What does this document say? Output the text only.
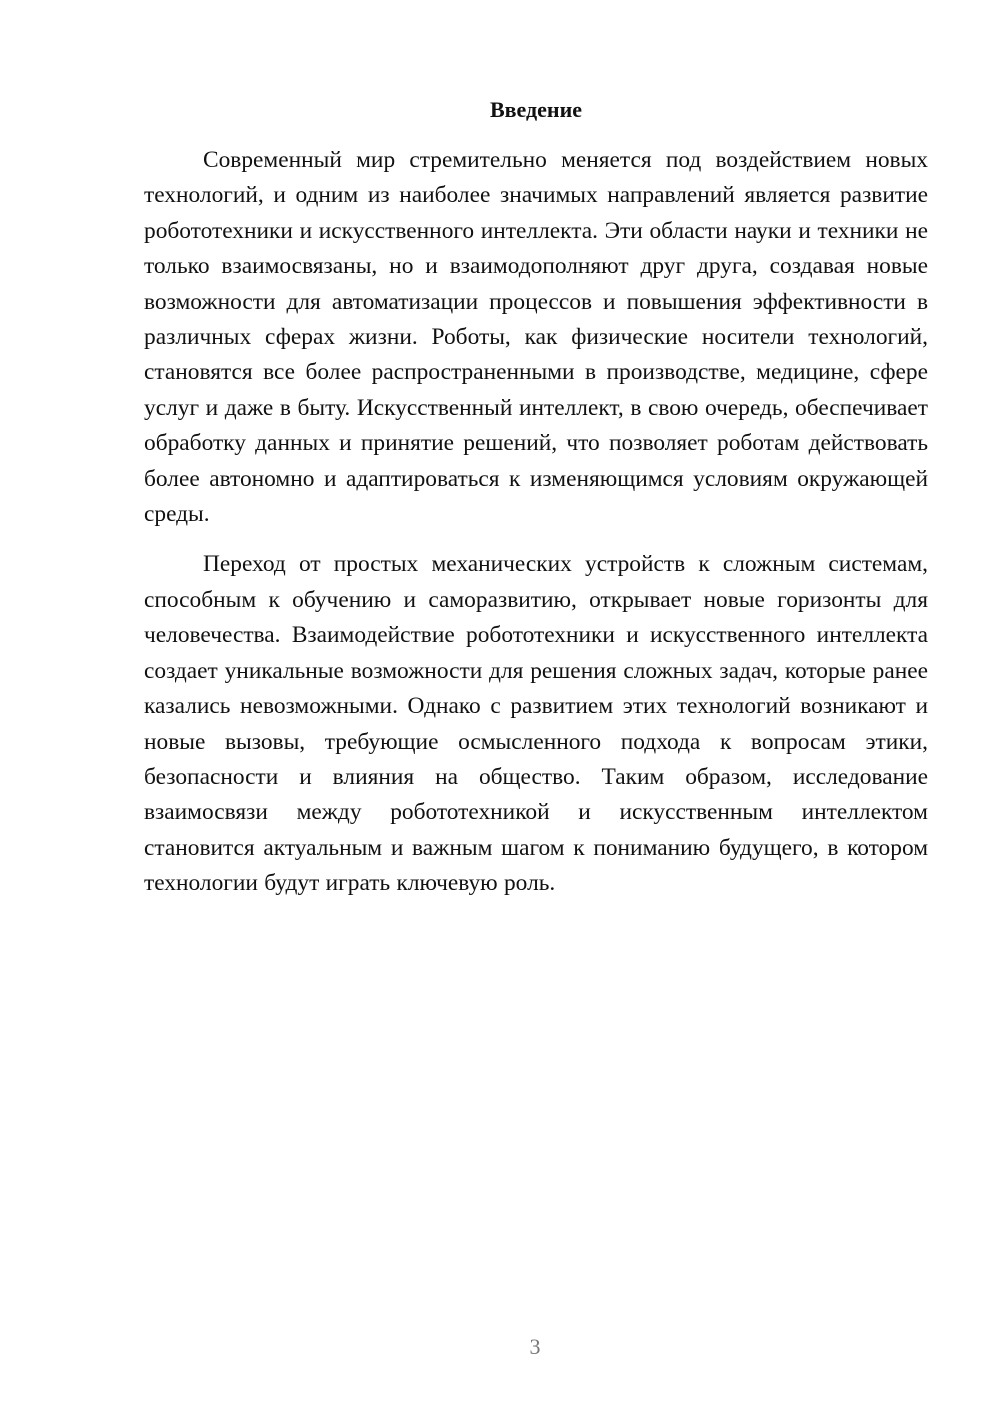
Введение

Современный мир стремительно меняется под воздействием новых технологий, и одним из наиболее значимых направлений является развитие робототехники и искусственного интеллекта. Эти области науки и техники не только взаимосвязаны, но и взаимодополняют друг друга, создавая новые возможности для автоматизации процессов и повышения эффективности в различных сферах жизни. Роботы, как физические носители технологий, становятся все более распространенными в производстве, медицине, сфере услуг и даже в быту. Искусственный интеллект, в свою очередь, обеспечивает обработку данных и принятие решений, что позволяет роботам действовать более автономно и адаптироваться к изменяющимся условиям окружающей среды.

Переход от простых механических устройств к сложным системам, способным к обучению и саморазвитию, открывает новые горизонты для человечества. Взаимодействие робототехники и искусственного интеллекта создает уникальные возможности для решения сложных задач, которые ранее казались невозможными. Однако с развитием этих технологий возникают и новые вызовы, требующие осмысленного подхода к вопросам этики, безопасности и влияния на общество. Таким образом, исследование взаимосвязи между робототехникой и искусственным интеллектом становится актуальным и важным шагом к пониманию будущего, в котором технологии будут играть ключевую роль.

3
